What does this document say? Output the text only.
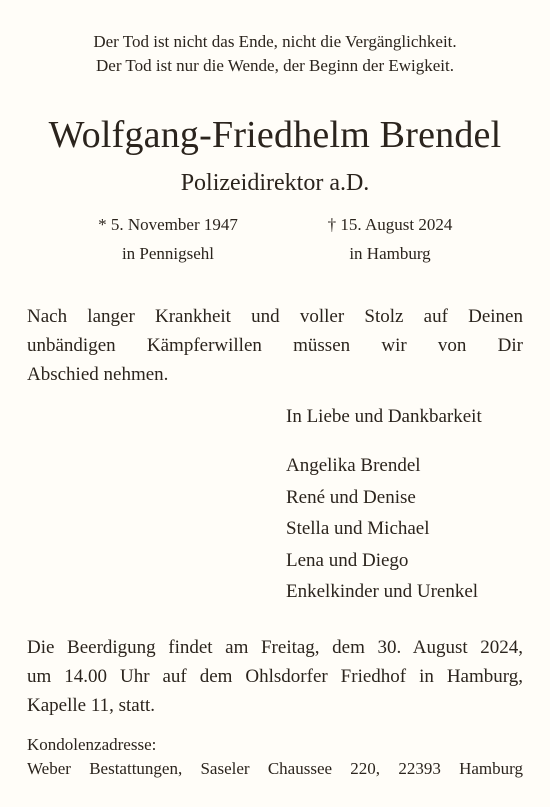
Der Tod ist nicht das Ende, nicht die Vergänglichkeit.
Der Tod ist nur die Wende, der Beginn der Ewigkeit.
Wolfgang-Friedhelm Brendel
Polizeidirektor a.D.
* 5. November 1947
in Pennigsehl
† 15. August 2024
in Hamburg
Nach langer Krankheit und voller Stolz auf Deinen
unbändigen Kämpferwillen müssen wir von Dir
Abschied nehmen.
In Liebe und Dankbarkeit
Angelika Brendel
René und Denise
Stella und Michael
Lena und Diego
Enkelkinder und Urenkel
Die Beerdigung findet am Freitag, dem 30. August 2024,
um 14.00 Uhr auf dem Ohlsdorfer Friedhof in Hamburg,
Kapelle 11, statt.
Kondolenzadresse:
Weber Bestattungen, Saseler Chaussee 220, 22393 Hamburg
